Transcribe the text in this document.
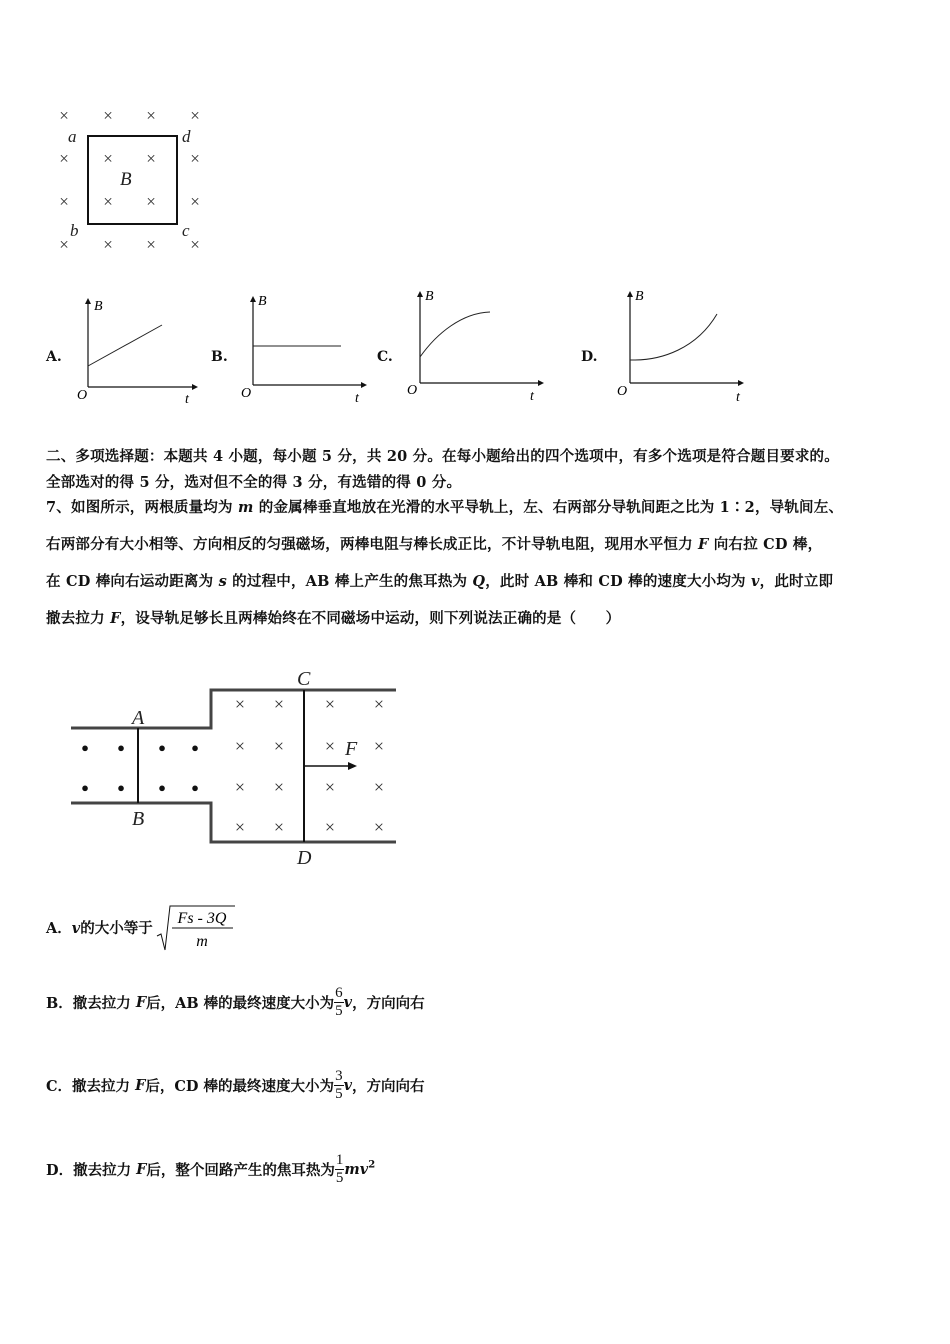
× × × ×
× × × ×
× × × ×
× × × ×
a	d
b	c
B
A.
B
O	t
B.
B
O	t
C.
B
O	t
D.
B
O	t
二、多项选择题：本题共 4 小题，每小题 5 分，共 20 分。在每小题给出的四个选项中，有多个选项是符合题目要求的。
全部选对的得 5 分，选对但不全的得 3 分，有选错的得 0 分。
7、如图所示，两根质量均为 m 的金属棒垂直地放在光滑的水平导轨上，左、右两部分导轨间距之比为 1∶2，导轨间左、
右两部分有大小相等、方向相反的匀强磁场，两棒电阻与棒长成正比，不计导轨电阻，现用水平恒力 F 向右拉 CD 棒，
在 CD 棒向右运动距离为 s 的过程中，AB 棒上产生的焦耳热为 Q，此时 AB 棒和 CD 棒的速度大小均为 v，此时立即
撤去拉力 F，设导轨足够长且两棒始终在不同磁场中运动，则下列说法正确的是（　　）
● ●	● ●
● ●	● ●
× × × ×
× × × ×
× × × ×
× × × ×
A
B
C
D
F
A．v的大小等于
Fs - 3Q
m
B．撤去拉力 F后，AB 棒的最终速度大小为 $\frac{6}{5}$ v，方向向右
C．撤去拉力 F后，CD 棒的最终速度大小为 $\frac{3}{5}$ v，方向向右
D．撤去拉力 F后，整个回路产生的焦耳热为 $\frac{1}{5} mv^2$
